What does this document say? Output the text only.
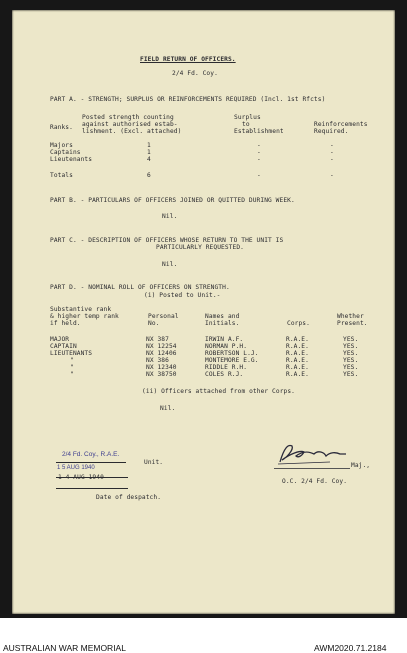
FIELD RETURN OF OFFICERS.
2/4 Fd. Coy.
PART A. - STRENGTH; SURPLUS OR REINFORCEMENTS REQUIRED (Incl. 1st Rfcts)
Ranks.
Posted strength counting
against authorised estab-
lishment. (Excl. attached)
Surplus
to
Establishment
Reinforcements
Required.
Majors	1	-	-
Captains	1	-	-
Lieutenants	4	-	-
Totals	6	-	-
PART B. - PARTICULARS OF OFFICERS JOINED OR QUITTED DURING WEEK.
Nil.
PART C. - DESCRIPTION OF OFFICERS WHOSE RETURN TO THE UNIT IS
PARTICULARLY REQUESTED.
Nil.
PART D. - NOMINAL ROLL OF OFFICERS ON STRENGTH.
(i) Posted to Unit.-
Substantive rank
& higher temp rank
if held.
Personal
No.
Names and
Initials.	Corps.
Whether
Present.
MAJOR	NX 387	IRWIN A.F.	R.A.E.	YES.
CAPTAIN	NX 12254	NORMAN P.H.	R.A.E.	YES.
LIEUTENANTS	NX 12406	ROBERTSON L.J.	R.A.E.	YES.
"	NX 386	MONTEMORE E.G.	R.A.E.	YES.
"	NX 12340	RIDDLE R.H.	R.A.E.	YES.
"	NX 38750	COLES R.J.	R.A.E.	YES.
(ii) Officers attached from other Corps.
Nil.
2/4 Fd. Coy., R.A.E.
1 5 AUG 1940
Unit.
Date of despatch.
Maj.,
O.C. 2/4 Fd. Coy.
AUSTRALIAN WAR MEMORIAL	AWM2020.71.2184
